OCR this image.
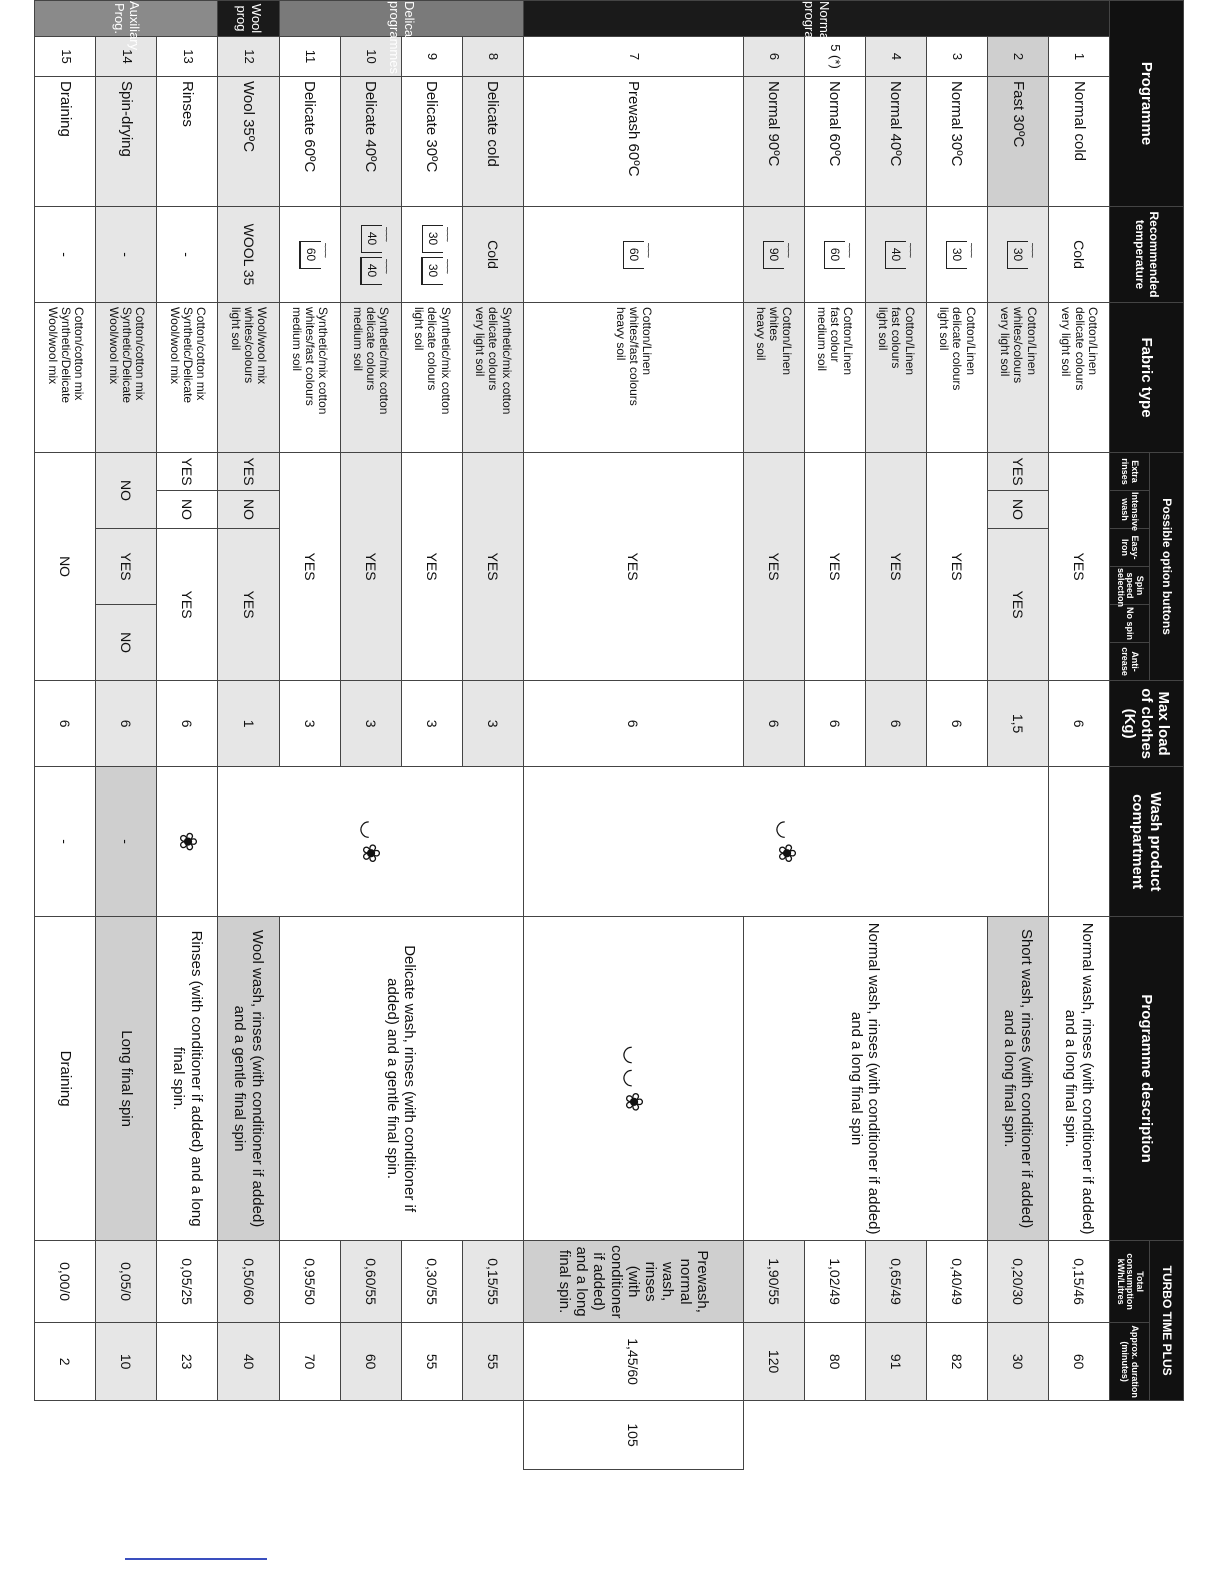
Programme			Recommended temperature	Fabric type	Possible option buttons						Max load of clothes (Kg)	Wash product compartment	Programme description	TURBO TIME PLUS		
					Extra rinses	Intensive wash	Easy-Iron	Spin speed selection	No spin	Anti-crease				Total consumption kWh/Litres	Approx. duration (minutes)	

Normal programmes	1	Normal cold	Cold	Cotton/Linen
delicate colours
very light soil	YES						6		Normal wash, rinses (with conditioner if added) and a long final spin.	0,15/46	60	
	2	Fast 30ºC	~~~ 30	Cotton/Linen
whites/colours
very light soil	YES	NO	YES				1,5	◡❀	Short wash, rinses (with conditioner if added) and a long final spin.	0,20/30	30	
	3	Normal 30ºC	~~~ 30	Cotton/Linen
delicate colours
light soil	YES						6		Normal wash, rinses (with conditioner if added) and a long final spin	0,40/49	82	
	4	Normal 40ºC	~~~ 40	Cotton/Linen
fast colours
light soil	YES						6			0,65/49	91	
	5 (*)	Normal 60ºC	~~~ 60	Cotton/Linen
fast colour
medium soil	YES						6			1,02/49	80	
	6	Normal 90ºC	~~~ 90	Cotton/Linen
whites
heavy soil	YES						6			1,90/55	120	
	7	Prewash 60ºC	~~~ 60	Cotton/Linen
whites/fast colours
heavy soil	YES						6		◡◡❀	Prewash, normal wash, rinses (with conditioner if added) and a long final spin.	1,45/60	105

Delicate programmes	8	Delicate cold	Cold	Synthetic/mix cotton
delicate colours
very light soil	YES						3	◡❀	Delicate wash, rinses (with conditioner if added) and a gentle final spin.	0,15/55	55	
	9	Delicate 30ºC	~~~ 30~~~ 30	Synthetic/mix cotton
delicate colours
light soil	YES						3			0,30/55	55	
	10	Delicate 40ºC	~~~ 40~~~ 40	Synthetic/mix cotton
delicate colours
medium soil	YES						3			0,60/55	60	
	11	Delicate 60ºC	~~~ 60	Synthetic/mix cotton
whites/fast colours
medium soil	YES						3			0,95/50	70	

Wool prog	12	Wool 35ºC	WOOL 35	Wool/wool mix
whites/colours
light soil	YES	NO	YES				1		Wool wash, rinses (with conditioner if added) and a gentle final spin	0,50/60	40	

Auxiliary Prog.	13	Rinses	-	Cotton/cotton mix
Synthetic/Delicate
Wool/wool mix	YES	NO	YES				6	❀	Rinses (with conditioner if added) and a long final spin.	0,05/25	23	
	14	Spin-drying	-	Cotton/cotton mix
Synthetic/Delicate
Wool/wool mix	NO		YES		NO		6	-	Long final spin	0,05/0	10	
	15	Draining	-	Cotton/cotton mix
Synthetic/Delicate
Wool/wool mix	NO						6	-	Draining	0,00/0	2	
